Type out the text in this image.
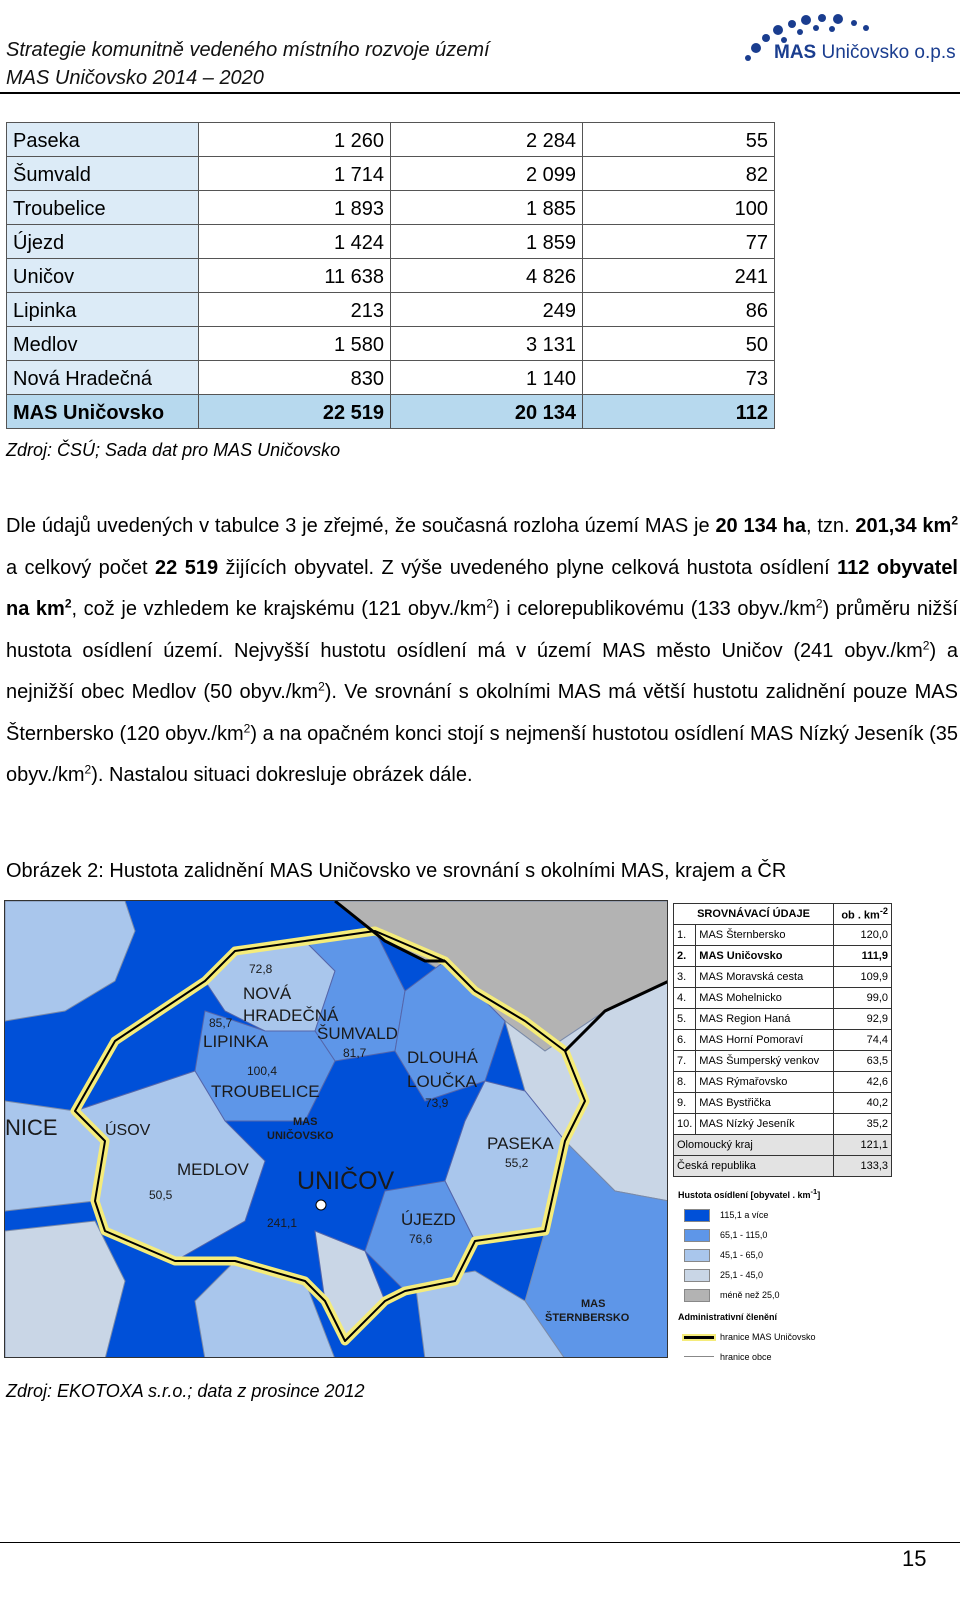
Strategie komunitně vedeného místního rozvoje území
MAS Uničovsko 2014 – 2020
MAS Uničovsko o.p.s
Paseka	1 260	2 284	55
Šumvald	1 714	2 099	82
Troubelice	1 893	1 885	100
Újezd	1 424	1 859	77
Uničov	11 638	4 826	241
Lipinka	213	249	86
Medlov	1 580	3 131	50
Nová Hradečná	830	1 140	73
MAS Uničovsko	22 519	20 134	112
Zdroj: ČSÚ; Sada dat pro MAS Uničovsko

Dle údajů uvedených v tabulce 3 je zřejmé, že současná rozloha území MAS je 20 134 ha, tzn. 201,34 $km^2$ a celkový počet 22 519 žijících obyvatel. Z výše uvedeného plyne celková hustota osídlení 112 obyvatel na $km^2$, což je vzhledem ke krajskému (121 $obyv./km^2$) i celorepublikovému (133 $obyv./km^2$) průměru nižší hustota osídlení území. Nejvyšší hustotu osídlení má v území MAS město Uničov (241 $obyv./km^2$) a nejnižší obec Medlov (50 $obyv./km^2$). Ve srovnání s okolními MAS má větší hustotu zalidnění pouze MAS Šternbersko (120 $obyv./km^2$) a na opačném konci stojí s nejmenší hustotou osídlení MAS Nízký Jeseník (35 $obyv./km^2$). Nastalou situaci dokresluje obrázek dále.

Obrázek 2: Hustota zalidnění MAS Uničovsko ve srovnání s okolními MAS, krajem a ČR
72,8
NOVÁ
HRADEČNÁ
85,7
LIPINKA	ŠUMVALD
81,7 DLOUHÁ
LOUČKA
73,9
100,4
TROUBELICE
MAS
UNIČOVSKO
NICE	ÚSOV
PASEKA
55,2
MEDLOV
50,5	UNIČOV
241,1	ÚJEZD
76,6
MAS
ŠTERNBERSKO
SROVNÁVACÍ ÚDAJE		ob . $km^{-2}$
1.	MAS Šternbersko	120,0
2.	MAS Uničovsko	111,9
3.	MAS Moravská cesta	109,9
4.	MAS Mohelnicko	99,0
5.	MAS Region Haná	92,9
6.	MAS Horní Pomoraví	74,4
7.	MAS Šumperský venkov	63,5
8.	MAS Rýmařovsko	42,6
9.	MAS Bystřička	40,2
10.	MAS Nízký Jeseník	35,2
Olomoucký kraj		121,1
Česká republika		133,3
Hustota osídlení [obyvatel . $km^{-1}$]
115,1 a více
65,1 - 115,0
45,1 - 65,0
25,1 - 45,0
méně než 25,0
Administrativní členění
hranice MAS Uničovsko
hranice obce
Zdroj: EKOTOXA s.r.o.; data z prosince 2012
15
